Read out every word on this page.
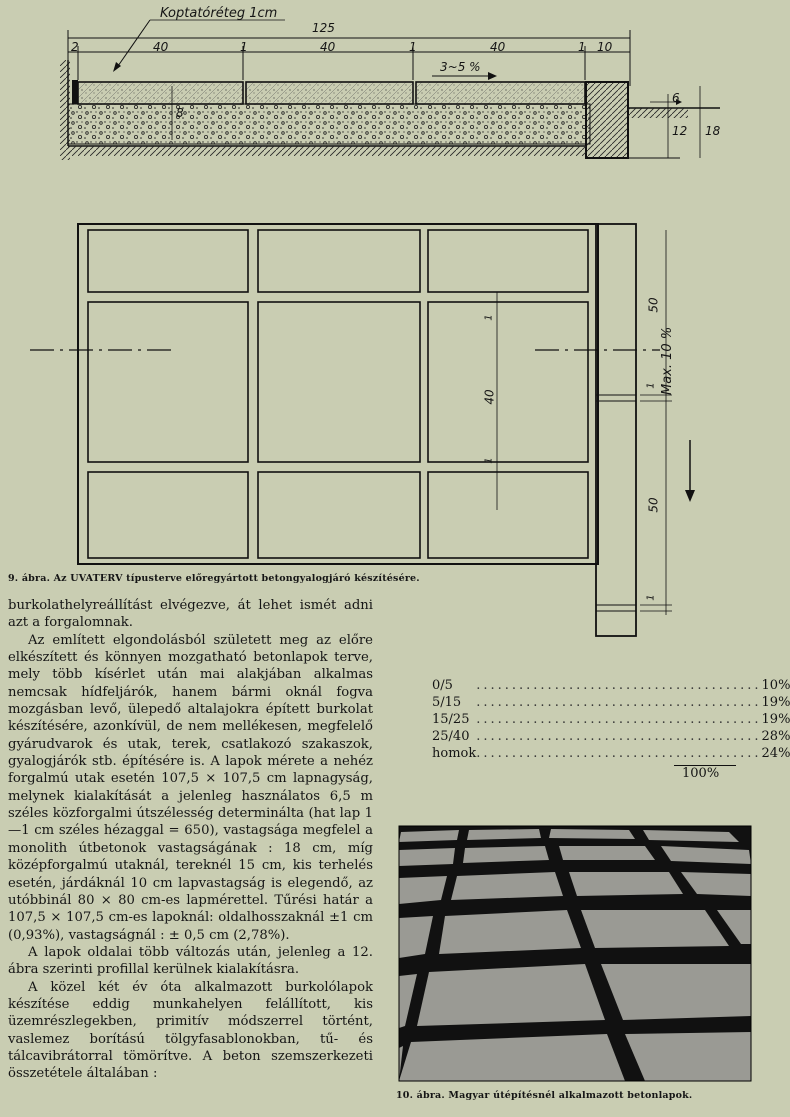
Koptatóréteg 1cm
125
2	40	1	40	1	40	1 10
3~5 %
8
6
12 18
50
1
40
1
50
1
1
Max. 10 %
9. ábra. Az UVATERV típusterve előregyártott betongyalogjáró készítésére.

burkolathelyreállítást elvégezve, át lehet ismét adni azt a forgalomnak.

Az említett elgondolásból született meg az előre elkészített és könnyen mozgatható betonlapok terve, mely több kísérlet után mai alakjában alkalmas nemcsak hídfeljárók, hanem bármi oknál fogva mozgásban levő, ülepedő altalajokra épített burkolat készítésére, azonkívül, de nem mellékesen, megfelelő gyárudvarok és utak, terek, csatlakozó szakaszok, gyalogjárók stb. építésére is. A lapok mérete a nehéz forgalmú utak esetén 107,5 × 107,5 cm lapnagyság, melynek kialakítását a jelenleg használatos 6,5 m széles közforgalmi útszélesség determinálta (hat lap 1—1 cm széles hézaggal = 650), vastagsága megfelel a monolith útbetonok vastagságának : 18 cm, míg középforgalmú utaknál, tereknél 15 cm, kis terhelés esetén, járdáknál 10 cm lapvastagság is elegendő, az utóbbinál 80 × 80 cm-es lapmérettel. Tűrési határ a 107,5 × 107,5 cm-es lapoknál: oldalhosszaknál ±1 cm (0,93%), vastagságnál : ± 0,5 cm (2,78%).

A lapok oldalai több változás után, jelenleg a 12. ábra szerinti profillal kerülnek kialakításra.

A közel két év óta alkalmazott burkolólapok készítése eddig munkahelyen felállított, kis üzemrészlegekben, primitív módszerrel történt, vaslemez borítású tölgyfasablonokban, tű- és tálcavibrátorral tömörítve. A beton szemszerkezeti összetétele általában :

0/5	........................................	10%
5/15	........................................	19%
15/25	........................................	19%
25/40	........................................	28%
homok	........................................	24%
100%
10. ábra. Magyar útépítésnél alkalmazott betonlapok.
